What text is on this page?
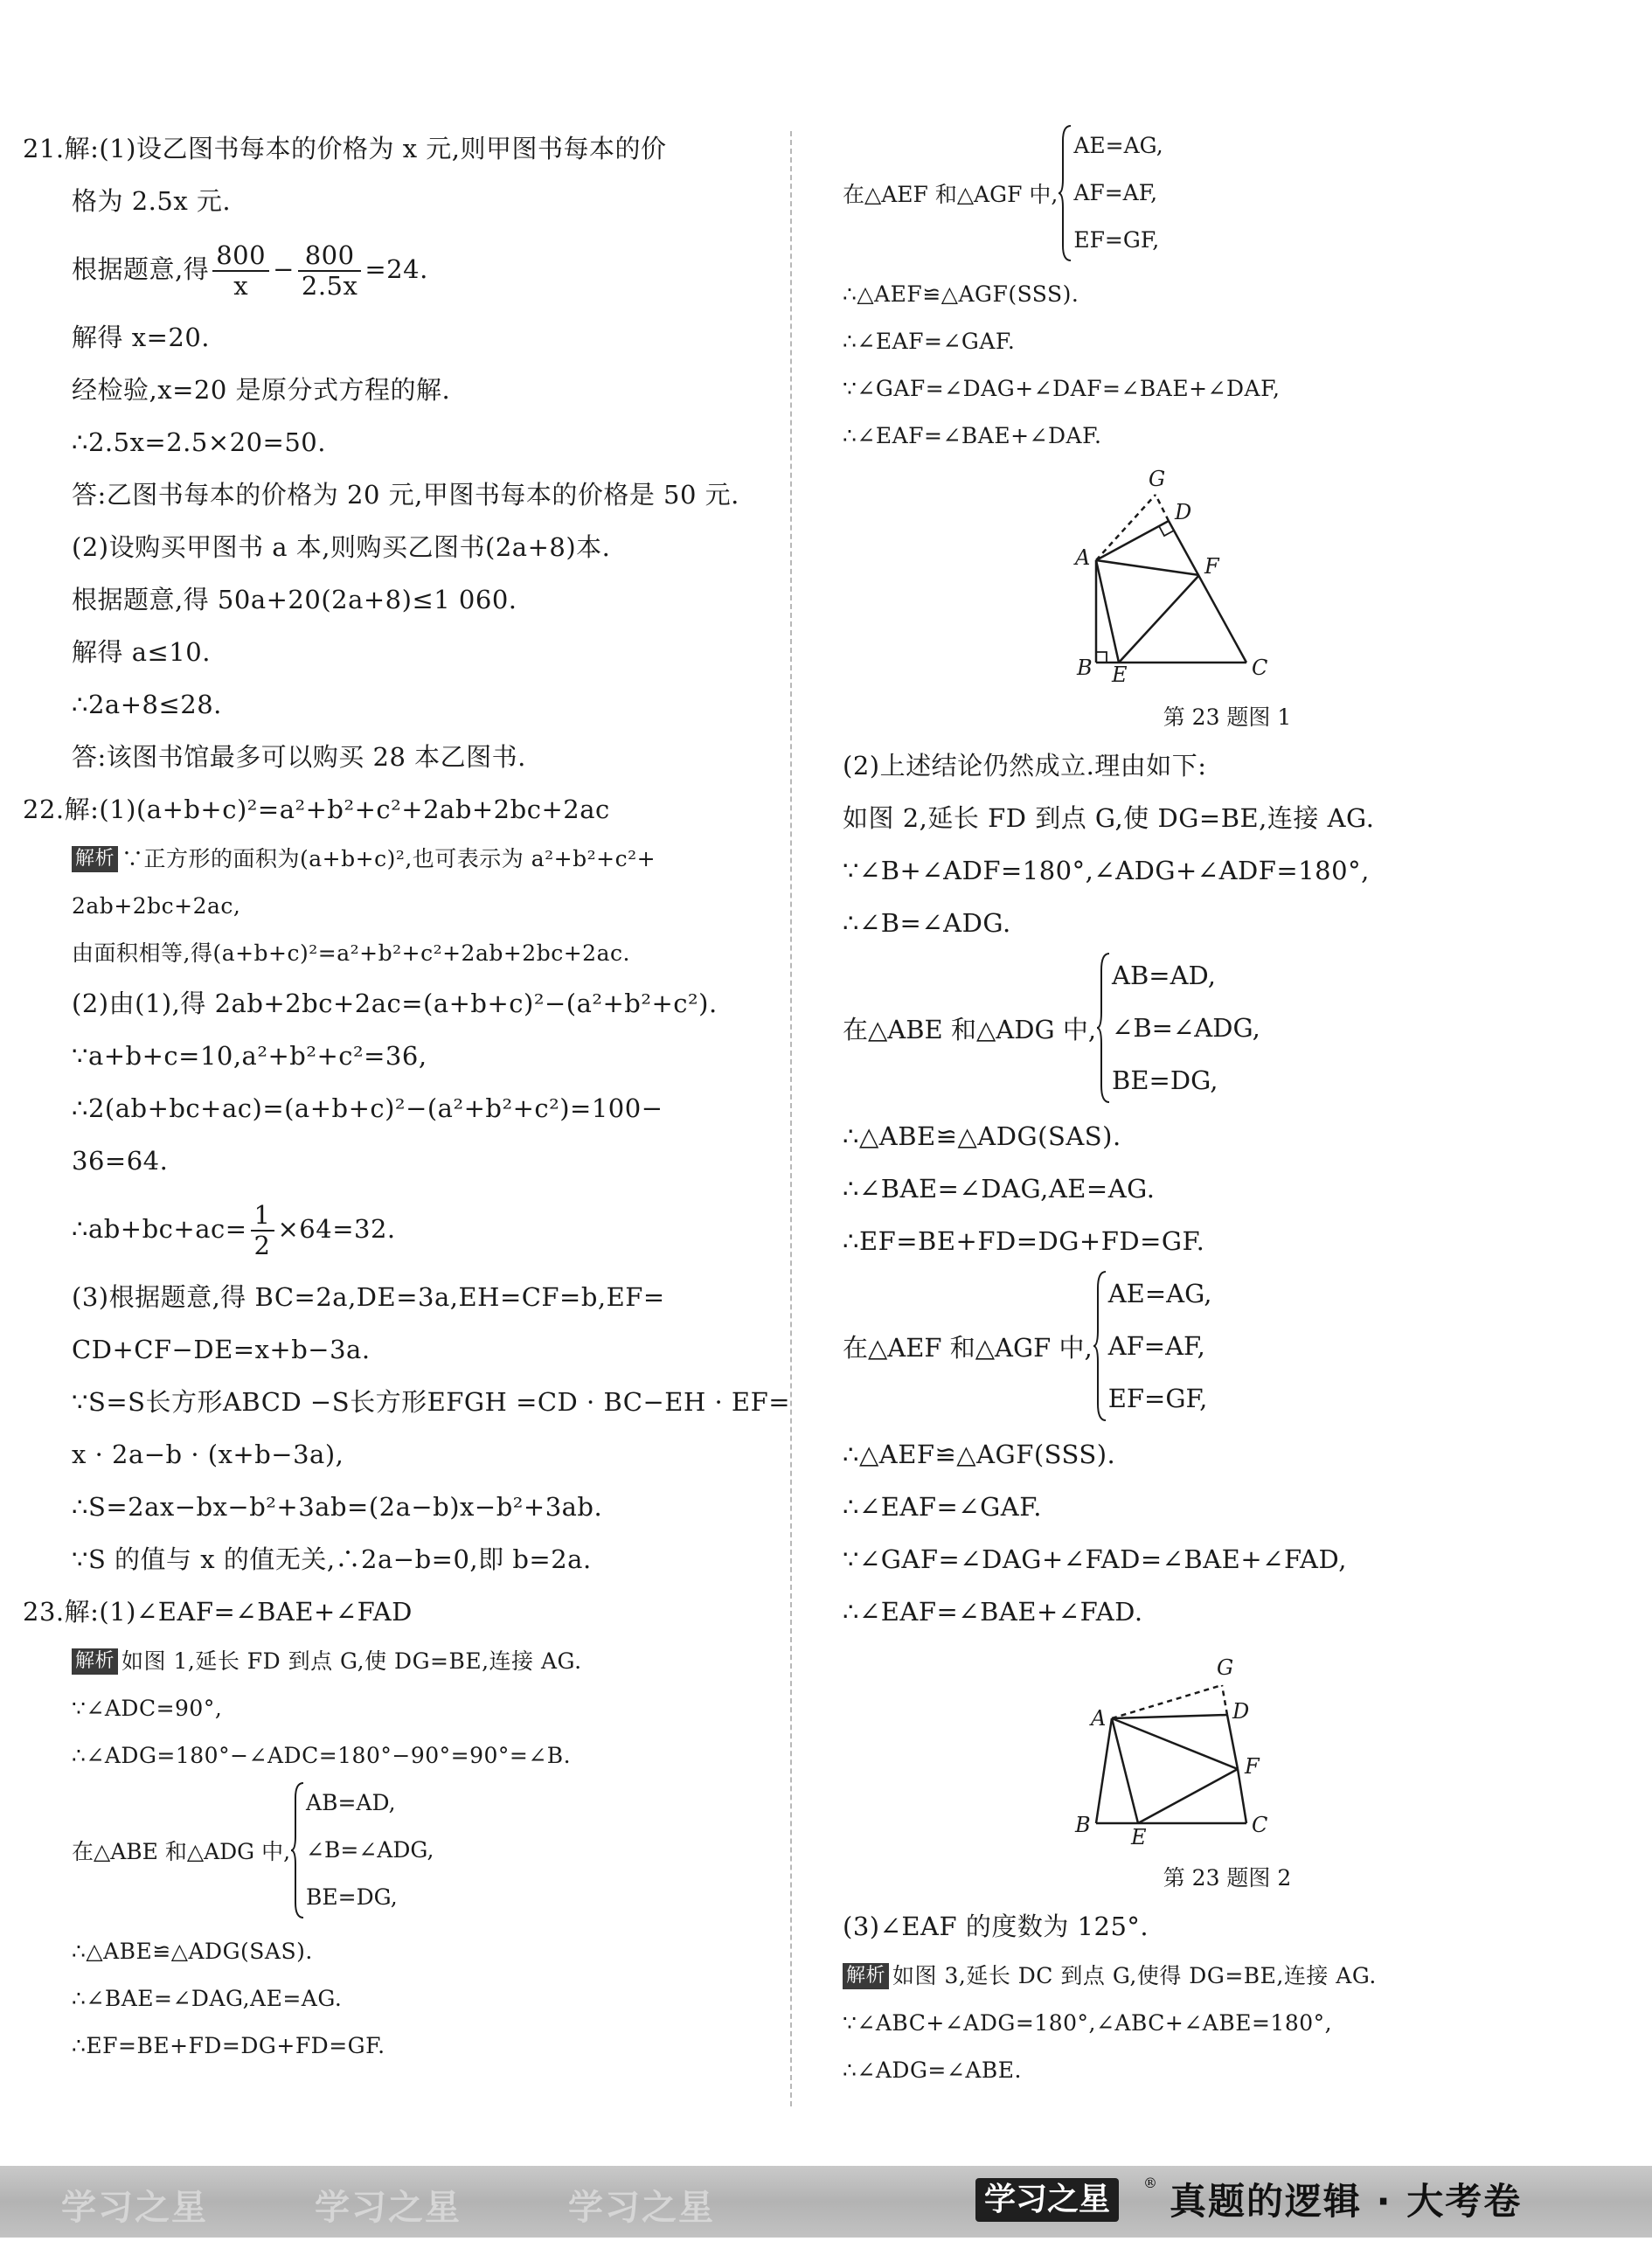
21.解:(1)设乙图书每本的价格为 x 元,则甲图书每本的价
格为 2.5x 元.
根据题意,得 $\frac{800}{x} - \frac{800}{2.5x} =24$.
解得 x=20.
经检验,x=20 是原分式方程的解.
∴2.5x=2.5×20=50.
答:乙图书每本的价格为 20 元,甲图书每本的价格是 50 元.
(2)设购买甲图书 a 本,则购买乙图书(2a+8)本.
根据题意,得 50a+20(2a+8)≤1 060.
解得 a≤10.
∴2a+8≤28.
答:该图书馆最多可以购买 28 本乙图书.
22.解:(1)(a+b+c)²=a²+b²+c²+2ab+2bc+2ac
解析 ∵正方形的面积为(a+b+c)²,也可表示为 a²+b²+c²+
2ab+2bc+2ac,
由面积相等,得(a+b+c)²=a²+b²+c²+2ab+2bc+2ac.
(2)由(1),得 2ab+2bc+2ac=(a+b+c)²−(a²+b²+c²).
∵a+b+c=10,a²+b²+c²=36,
∴2(ab+bc+ac)=(a+b+c)²−(a²+b²+c²)=100−
36=64.
∴ab+bc+ac= $\frac{1}{2} \times 64=32$.
(3)根据题意,得 BC=2a,DE=3a,EH=CF=b,EF=
CD+CF−DE=x+b−3a.
∵S=S长方形ABCD −S长方形EFGH =CD · BC−EH · EF=
x · 2a−b · (x+b−3a),
∴S=2ax−bx−b²+3ab=(2a−b)x−b²+3ab.
∵S 的值与 x 的值无关,∴2a−b=0,即 b=2a.
23.解:(1)∠EAF=∠BAE+∠FAD
解析 如图 1,延长 FD 到点 G,使 DG=BE,连接 AG.
∵∠ADC=90°,
∴∠ADG=180°−∠ADC=180°−90°=90°=∠B.
在△ABE 和△ADG 中,
AB=AD,
∠B=∠ADG,
BE=DG,
∴△ABE≌△ADG(SAS).
∴∠BAE=∠DAG,AE=AG.
∴EF=BE+FD=DG+FD=GF.
在△AEF 和△AGF 中,
AE=AG,
AF=AF,
EF=GF,
∴△AEF≌△AGF(SSS).
∴∠EAF=∠GAF.
∵∠GAF=∠DAG+∠DAF=∠BAE+∠DAF,
∴∠EAF=∠BAE+∠DAF.
G
D
A	F
B E	C
第 23 题图 1
(2)上述结论仍然成立.理由如下:
如图 2,延长 FD 到点 G,使 DG=BE,连接 AG.
∵∠B+∠ADF=180°,∠ADG+∠ADF=180°,
∴∠B=∠ADG.
在△ABE 和△ADG 中,
AB=AD,
∠B=∠ADG,
BE=DG,
∴△ABE≌△ADG(SAS).
∴∠BAE=∠DAG,AE=AG.
∴EF=BE+FD=DG+FD=GF.
在△AEF 和△AGF 中,
AE=AG,
AF=AF,
EF=GF,
∴△AEF≌△AGF(SSS).
∴∠EAF=∠GAF.
∵∠GAF=∠DAG+∠FAD=∠BAE+∠FAD,
∴∠EAF=∠BAE+∠FAD.
G
D
A
F
B E	C
第 23 题图 2
(3)∠EAF 的度数为 125°.
解析 如图 3,延长 DC 到点 G,使得 DG=BE,连接 AG.
∵∠ABC+∠ADG=180°,∠ABC+∠ABE=180°,
∴∠ADG=∠ABE.
学习之星	学习之星	学习之星	学习之星	® 真题的逻辑 · 大考卷
